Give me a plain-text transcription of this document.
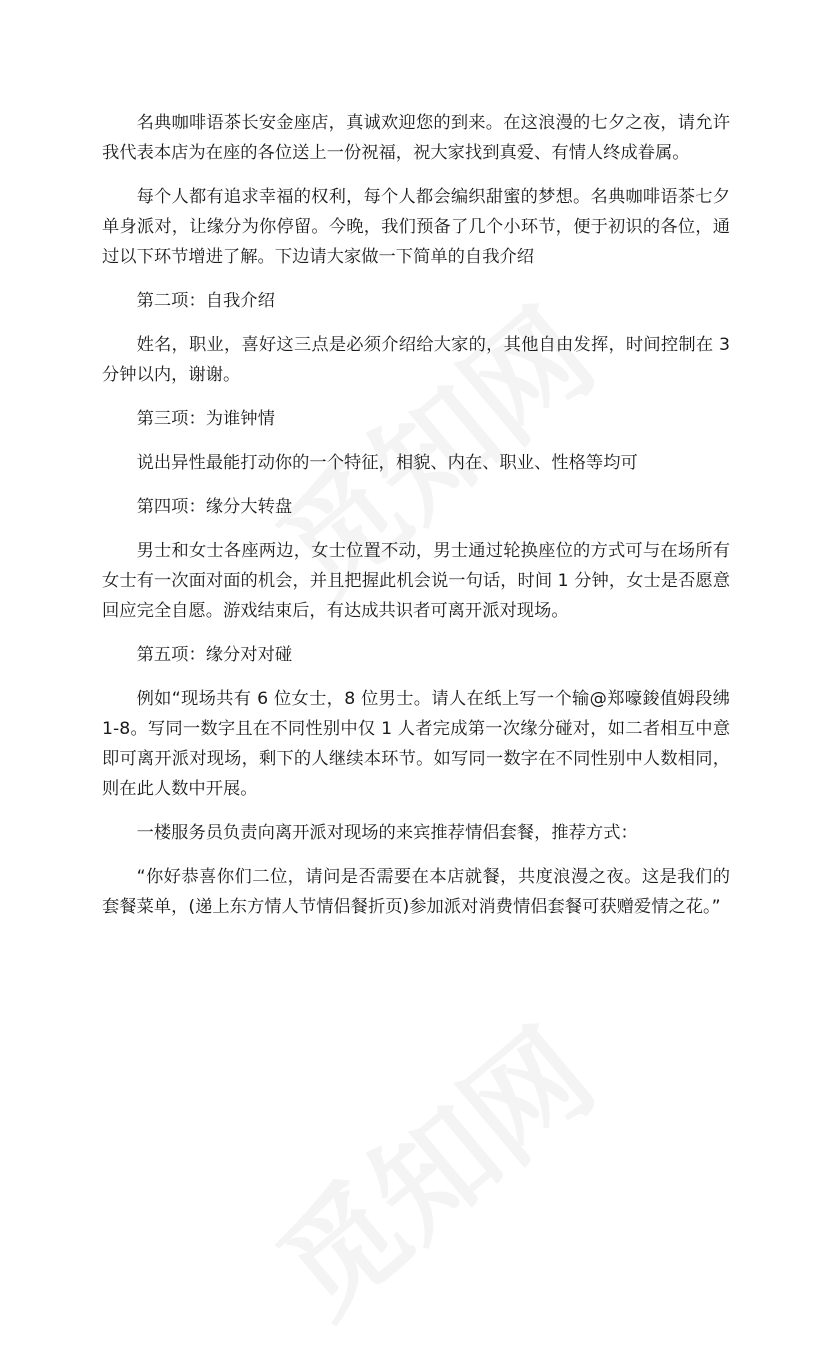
名典咖啡语茶长安金座店，真诚欢迎您的到来。在这浪漫的七夕之夜，请允许我代表本店为在座的各位送上一份祝福，祝大家找到真爱、有情人终成眷属。

每个人都有追求幸福的权利，每个人都会编织甜蜜的梦想。名典咖啡语茶七夕单身派对，让缘分为你停留。今晚，我们预备了几个小环节，便于初识的各位，通过以下环节增进了解。下边请大家做一下简单的自我介绍

第二项：自我介绍

姓名，职业，喜好这三点是必须介绍给大家的，其他自由发挥，时间控制在 3 分钟以内，谢谢。

第三项：为谁钟情

说出异性最能打动你的一个特征，相貌、内在、职业、性格等均可

第四项：缘分大转盘

男士和女士各座两边，女士位置不动，男士通过轮换座位的方式可与在场所有女士有一次面对面的机会，并且把握此机会说一句话，时间 1 分钟，女士是否愿意回应完全自愿。游戏结束后，有达成共识者可离开派对现场。

第五项：缘分对对碰

例如“现场共有 6 位女士，8 位男士。请人在纸上写一个输@郑嚎鋑值姆段绋 1-8。写同一数字且在不同性别中仅 1 人者完成第一次缘分碰对，如二者相互中意即可离开派对现场，剩下的人继续本环节。如写同一数字在不同性别中人数相同，则在此人数中开展。

一楼服务员负责向离开派对现场的来宾推荐情侣套餐，推荐方式：

“你好恭喜你们二位，请问是否需要在本店就餐，共度浪漫之夜。这是我们的套餐菜单，(递上东方情人节情侣餐折页)参加派对消费情侣套餐可获赠爱情之花。”
